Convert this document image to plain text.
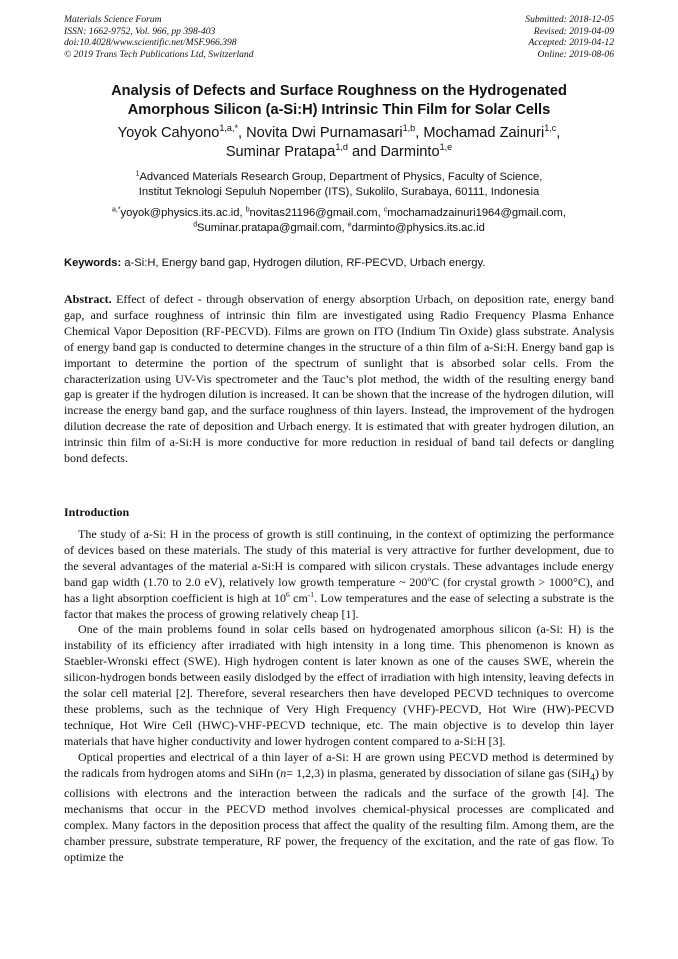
Materials Science Forum
ISSN: 1662-9752, Vol. 966, pp 398-403
doi:10.4028/www.scientific.net/MSF.966.398
© 2019 Trans Tech Publications Ltd, Switzerland
Submitted: 2018-12-05
Revised: 2019-04-09
Accepted: 2019-04-12
Online: 2019-08-06
Analysis of Defects and Surface Roughness on the Hydrogenated
Amorphous Silicon (a-Si:H) Intrinsic Thin Film for Solar Cells
Yoyok Cahyono$^{1,a,*}$, Novita Dwi Purnamasari$^{1,b}$, Mochamad Zainuri$^{1,c}$,
Suminar Pratapa$^{1,d}$ and Darminto$^{1,e}$
$^1$Advanced Materials Research Group, Department of Physics, Faculty of Science,
Institut Teknologi Sepuluh Nopember (ITS), Sukolilo, Surabaya, 60111, Indonesia
$^{a,*}$yoyok@physics.its.ac.id, $^b$novitas21196@gmail.com, $^c$mochamadzainuri1964@gmail.com,
$^d$Suminar.pratapa@gmail.com, $^e$darminto@physics.its.ac.id
Keywords: a-Si:H, Energy band gap, Hydrogen dilution, RF-PECVD, Urbach energy.
Abstract. Effect of defect - through observation of energy absorption Urbach, on deposition rate, energy band gap, and surface roughness of intrinsic thin film are investigated using Radio Frequency Plasma Enhance Chemical Vapor Deposition (RF-PECVD). Films are grown on ITO (Indium Tin Oxide) glass substrate. Analysis of energy band gap is conducted to determine changes in the structure of a thin film of a-Si:H. Energy band gap is important to determine the portion of the spectrum of sunlight that is absorbed solar cells. From the characterization using UV-Vis spectrometer and the Tauc’s plot method, the width of the resulting energy band gap is greater if the hydrogen dilution is increased. It can be shown that the increase of the hydrogen dilution, will increase the energy band gap, and the surface roughness of thin layers. Instead, the improvement of the hydrogen dilution decrease the rate of deposition and Urbach energy. It is estimated that with greater hydrogen dilution, an intrinsic thin film of a-Si:H is more conductive for more reduction in residual of band tail defects or dangling bond defects.
Introduction

The study of a-Si: H in the process of growth is still continuing, in the context of optimizing the performance of devices based on these materials. The study of this material is very attractive for further development, due to the several advantages of the material a-Si:H is compared with silicon crystals. These advantages include energy band gap width (1.70 to 2.0 eV), relatively low growth temperature ~ 200$^o$C (for crystal growth > 1000°C), and has a light absorption coefficient is high at $10^6$ $cm^{-1}$. Low temperatures and the ease of selecting a substrate is the factor that makes the process of growing relatively cheap [1].

One of the main problems found in solar cells based on hydrogenated amorphous silicon (a-Si: H) is the instability of its efficiency after irradiated with high intensity in a long time. This phenomenon is known as Staebler-Wronski effect (SWE). High hydrogen content is later known as one of the causes SWE, wherein the silicon-hydrogen bonds between easily dislodged by the effect of irradiation with high intensity, leaving defects in the solar cell material [2]. Therefore, several researchers then have developed PECVD techniques to overcome these problems, such as the technique of Very High Frequency (VHF)-PECVD, Hot Wire (HW)-PECVD technique, Hot Wire Cell (HWC)-VHF-PECVD technique, etc. The main objective is to develop thin layer materials that have higher conductivity and lower hydrogen content compared to a-Si:H [3].

Optical properties and electrical of a thin layer of a-Si: H are grown using PECVD method is determined by the radicals from hydrogen atoms and SiHn (n= 1,2,3) in plasma, generated by dissociation of silane gas (SiH$_4$) by collisions with electrons and the interaction between the radicals and the surface of the growth [4]. The mechanisms that occur in the PECVD method involves chemical-physical processes are complicated and complex. Many factors in the deposition process that affect the quality of the resulting film. Among them, are the chamber pressure, substrate temperature, RF power, the frequency of the excitation, and the rate of gas flow. To optimize the
